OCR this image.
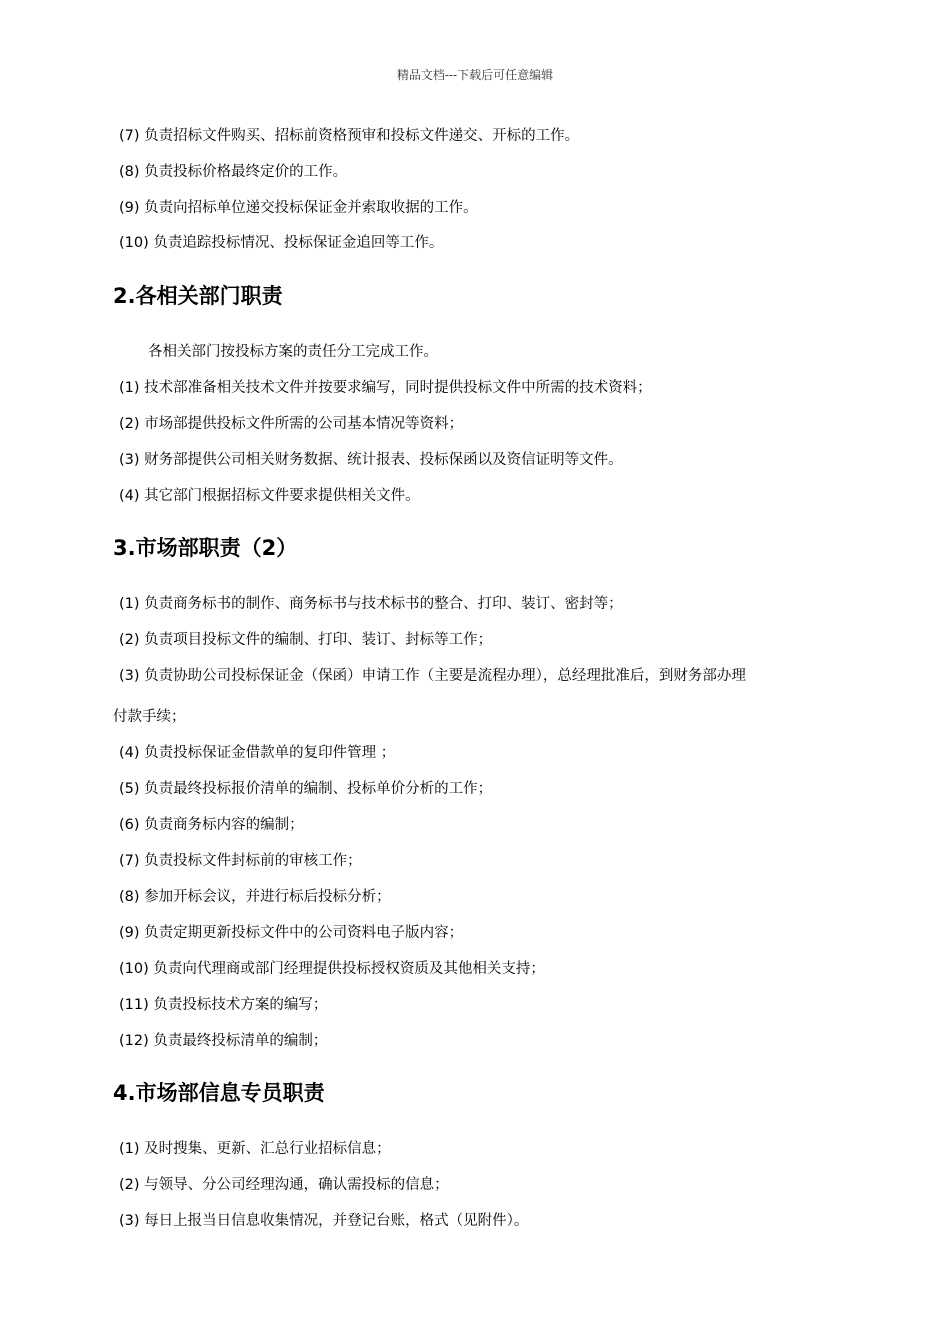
精品文档---下载后可任意编辑
(7) 负责招标文件购买、招标前资格预审和投标文件递交、开标的工作。
(8) 负责投标价格最终定价的工作。
(9) 负责向招标单位递交投标保证金并索取收据的工作。
(10) 负责追踪投标情况、投标保证金追回等工作。
2.各相关部门职责
各相关部门按投标方案的责任分工完成工作。
(1) 技术部准备相关技术文件并按要求编写，同时提供投标文件中所需的技术资料；
(2) 市场部提供投标文件所需的公司基本情况等资料；
(3) 财务部提供公司相关财务数据、统计报表、投标保函以及资信证明等文件。
(4) 其它部门根据招标文件要求提供相关文件。
3.市场部职责（2）
(1) 负责商务标书的制作、商务标书与技术标书的整合、打印、装订、密封等；
(2) 负责项目投标文件的编制、打印、装订、封标等工作；
(3) 负责协助公司投标保证金（保函）申请工作（主要是流程办理），总经理批准后，到财务部办理
付款手续；
(4) 负责投标保证金借款单的复印件管理 ；
(5) 负责最终投标报价清单的编制、投标单价分析的工作；
(6) 负责商务标内容的编制；
(7) 负责投标文件封标前的审核工作；
(8) 参加开标会议，并进行标后投标分析；
(9) 负责定期更新投标文件中的公司资料电子版内容；
(10) 负责向代理商或部门经理提供投标授权资质及其他相关支持；
(11) 负责投标技术方案的编写；
(12) 负责最终投标清单的编制；
4.市场部信息专员职责
(1) 及时搜集、更新、汇总行业招标信息；
(2) 与领导、分公司经理沟通，确认需投标的信息；
(3) 每日上报当日信息收集情况，并登记台账，格式（见附件）。
